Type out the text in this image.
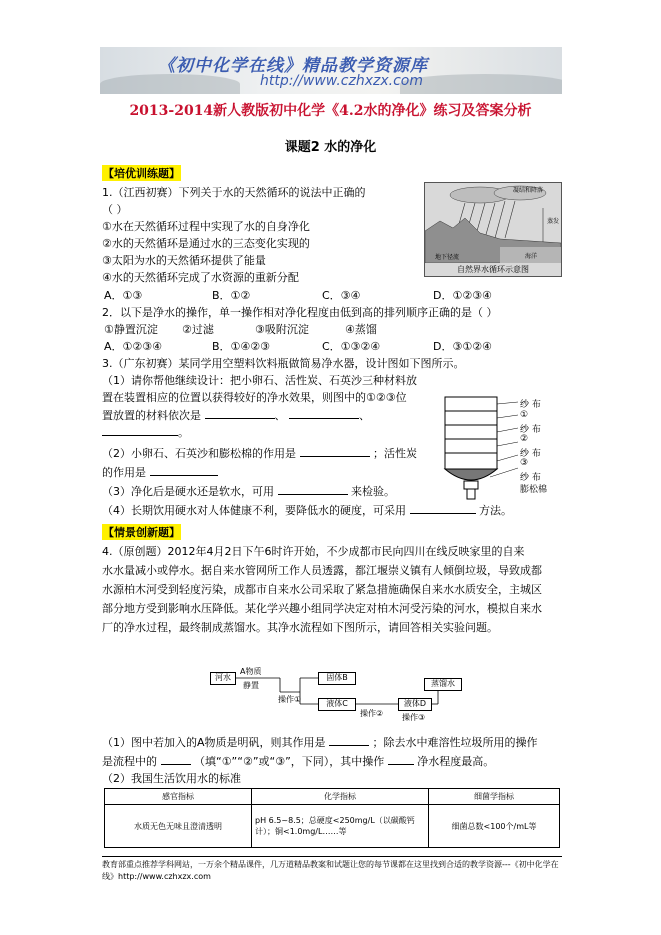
《初中化学在线》精品教学资源库
http://www.czhxzx.com
2013-2014新人教版初中化学《4.2水的净化》练习及答案分析
课题2 水的净化
【培优训练题】
1.（江西初赛）下列关于水的天然循环的说法中正确的
（ ）
①水在天然循环过程中实现了水的自身净化
②水的天然循环是通过水的三态变化实现的
③太阳为水的天然循环提供了能量
④水的天然循环完成了水资源的重新分配
A．①③	B．①②	C．③④	D．①②③④
凝结和降落
蒸发
地下径流	海洋
自然界水循环示意图
2．以下是净水的操作，单一操作相对净化程度由低到高的排列顺序正确的是（ ）
①静置沉淀 ②过滤	③吸附沉淀	④蒸馏
A．①②③④	B．①④②③	C．①③②④	D．③①②④
3.（广东初赛）某同学用空塑料饮料瓶做简易净水器，设计图如下图所示。
（1）请你帮他继续设计：把小卵石、活性炭、石英沙三种材料放
置在装置相应的位置以获得较好的净水效果，则图中的①②③位
置放置的材料依次是	、	、
。
（2）小卵石、石英沙和膨松棉的作用是	；活性炭
的作用是
（3）净化后是硬水还是软水，可用	来检验。
（4）长期饮用硬水对人体健康不利，要降低水的硬度，可采用	方法。
纱 布
①
纱 布
②
纱 布
③
纱 布
膨松棉
【情景创新题】
4.（原创题）2012年4月2日下午6时许开始，不少成都市民向四川在线反映家里的自来
水水量减小或停水。据自来水管网所工作人员透露，都江堰崇义镇有人倾倒垃圾，导致成都
水源柏木河受到轻度污染，成都市自来水公司采取了紧急措施确保自来水水质安全，主城区
部分地方受到影响水压降低。某化学兴趣小组同学决定对柏木河受污染的河水，模拟自来水
厂的净水过程，最终制成蒸馏水。其净水流程如下图所示，请回答相关实验问题。
河水
A物质
静置
操作①
固体B
液体C
操作②
液体D
操作③
蒸馏水
（1）图中若加入的A物质是明矾，则其作用是	；除去水中难溶性垃圾所用的操作
是流程中的	（填“①”“②”或“③”，下同），其中操作	净水程度最高。
（2）我国生活饮用水的标准
感官指标	化学指标	细菌学指标
水质无色无味且澄清透明	pH 6.5~8.5；总硬度<250mg/L（以碳酸钙计）；铜<1.0mg/L……等	细菌总数<100个/mL等
教育部重点推荐学科网站，一万余个精品课件，几万道精品教案和试题让您的每节课都在这里找到合适的教学资源---《初中化学在线》http://www.czhxzx.com
